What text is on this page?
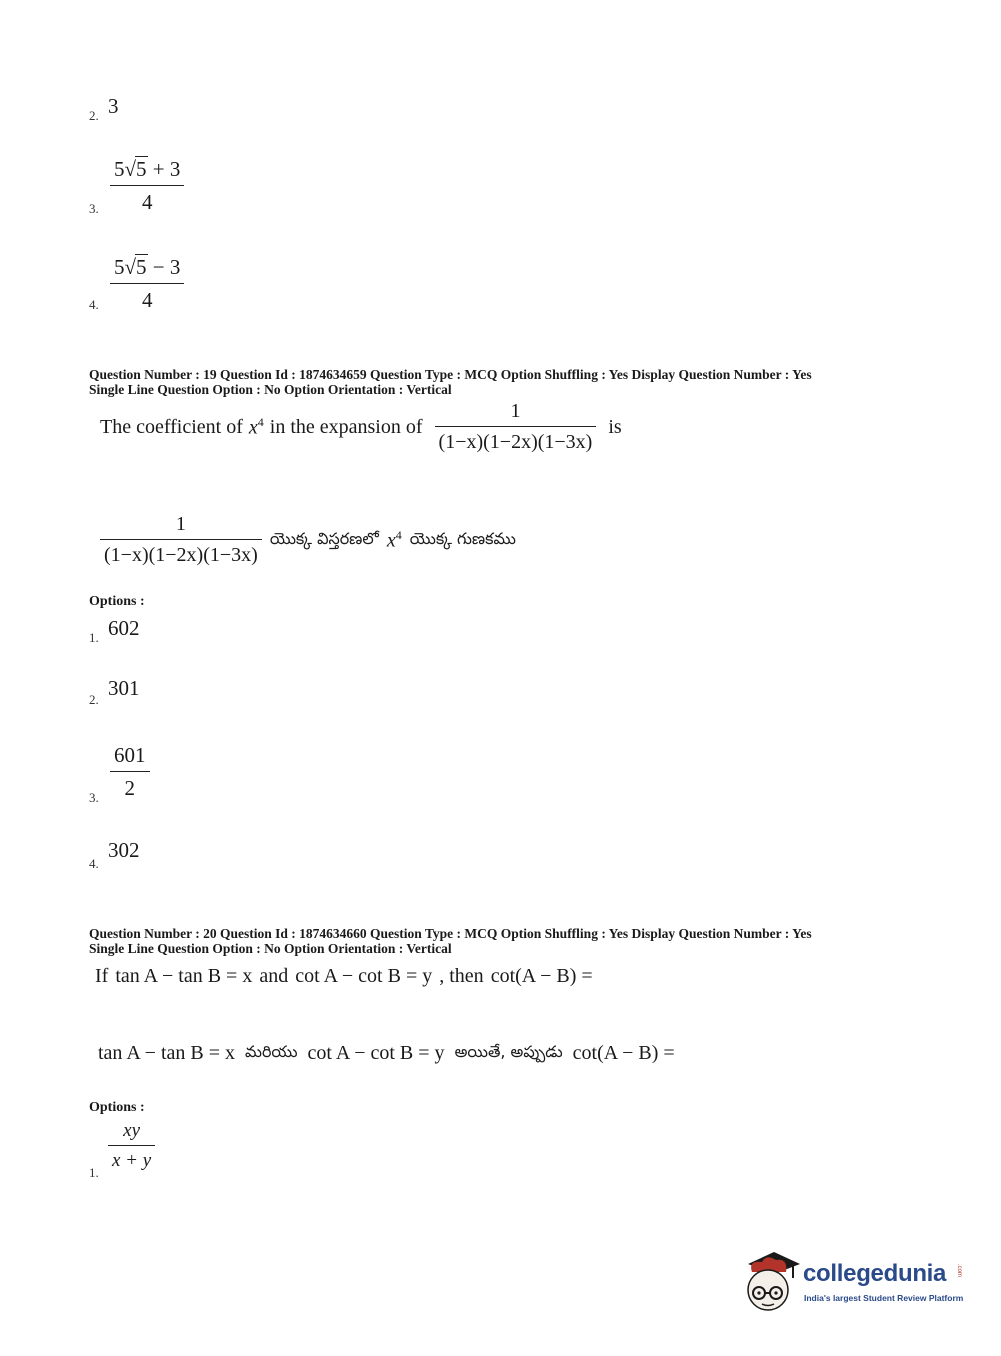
2. 3
3. $\frac{5√5 + 3}{4}$
4. $\frac{5√5 - 3}{4}$
Question Number : 19 Question Id : 1874634659 Question Type : MCQ Option Shuffling : Yes Display Question Number : Yes
Single Line Question Option : No Option Orientation : Vertical
The coefficient of $x^4$ in the expansion of $\frac{1}{(1-x)(1-2x)(1-3x)}$ is
$\frac{1}{(1-x)(1-2x)(1-3x)}$ యొక్క విస్తరణలో $x^4$ యొక్క గుణకము
Options :
1. 602
2. 301
3. $\frac{601}{2}$
4.
302
Question Number : 20 Question Id : 1874634660 Question Type : MCQ Option Shuffling : Yes Display Question Number : Yes
Single Line Question Option : No Option Orientation : Vertical
If tan A − tan B = x and cot A − cot B = y , then cot(A − B) =
tan A − tan B = x మరియు cot A − cot B = y అయితే, అప్పుడు cot(A − B) =
Options :
1.
$\frac{xy}{x + y}$
collegedunia .com
India's largest Student Review Platform
